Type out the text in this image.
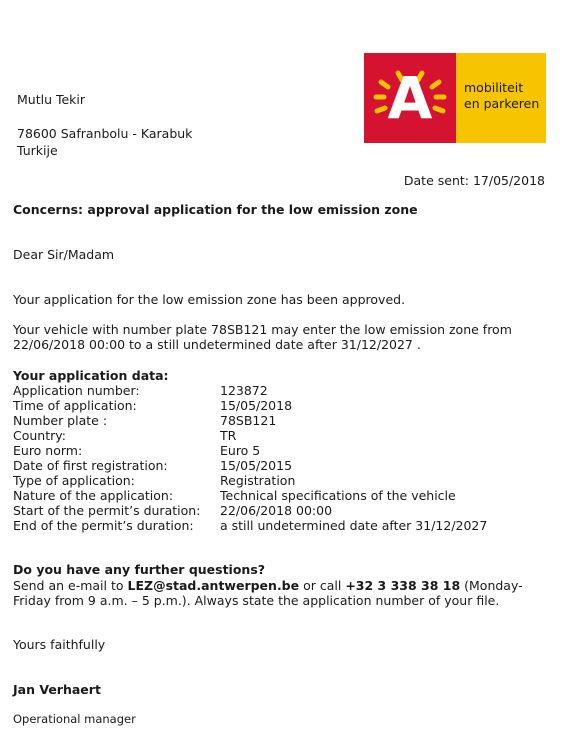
A	mobiliteit
en parkeren
Mutlu Tekir
78600 Safranbolu - Karabuk
Turkije
Date sent: 17/05/2018
Concerns: approval application for the low emission zone
Dear Sir/Madam
Your application for the low emission zone has been approved.
Your vehicle with number plate 78SB121 may enter the low emission zone from
22/06/2018 00:00 to a still undetermined date after 31/12/2027 .
Your application data:
Application number:	123872
Time of application:	15/05/2018
Number plate :	78SB121
Country:	TR
Euro norm:	Euro 5
Date of first registration:	15/05/2015
Type of application:	Registration
Nature of the application:	Technical specifications of the vehicle
Start of the permit’s duration:	22/06/2018 00:00
End of the permit’s duration:	a still undetermined date after 31/12/2027
Do you have any further questions?
Send an e-mail to LEZ@stad.antwerpen.be or call +32 3 338 38 18 (Monday-
Friday from 9 a.m. – 5 p.m.). Always state the application number of your file.
Yours faithfully
Jan Verhaert
Operational manager
